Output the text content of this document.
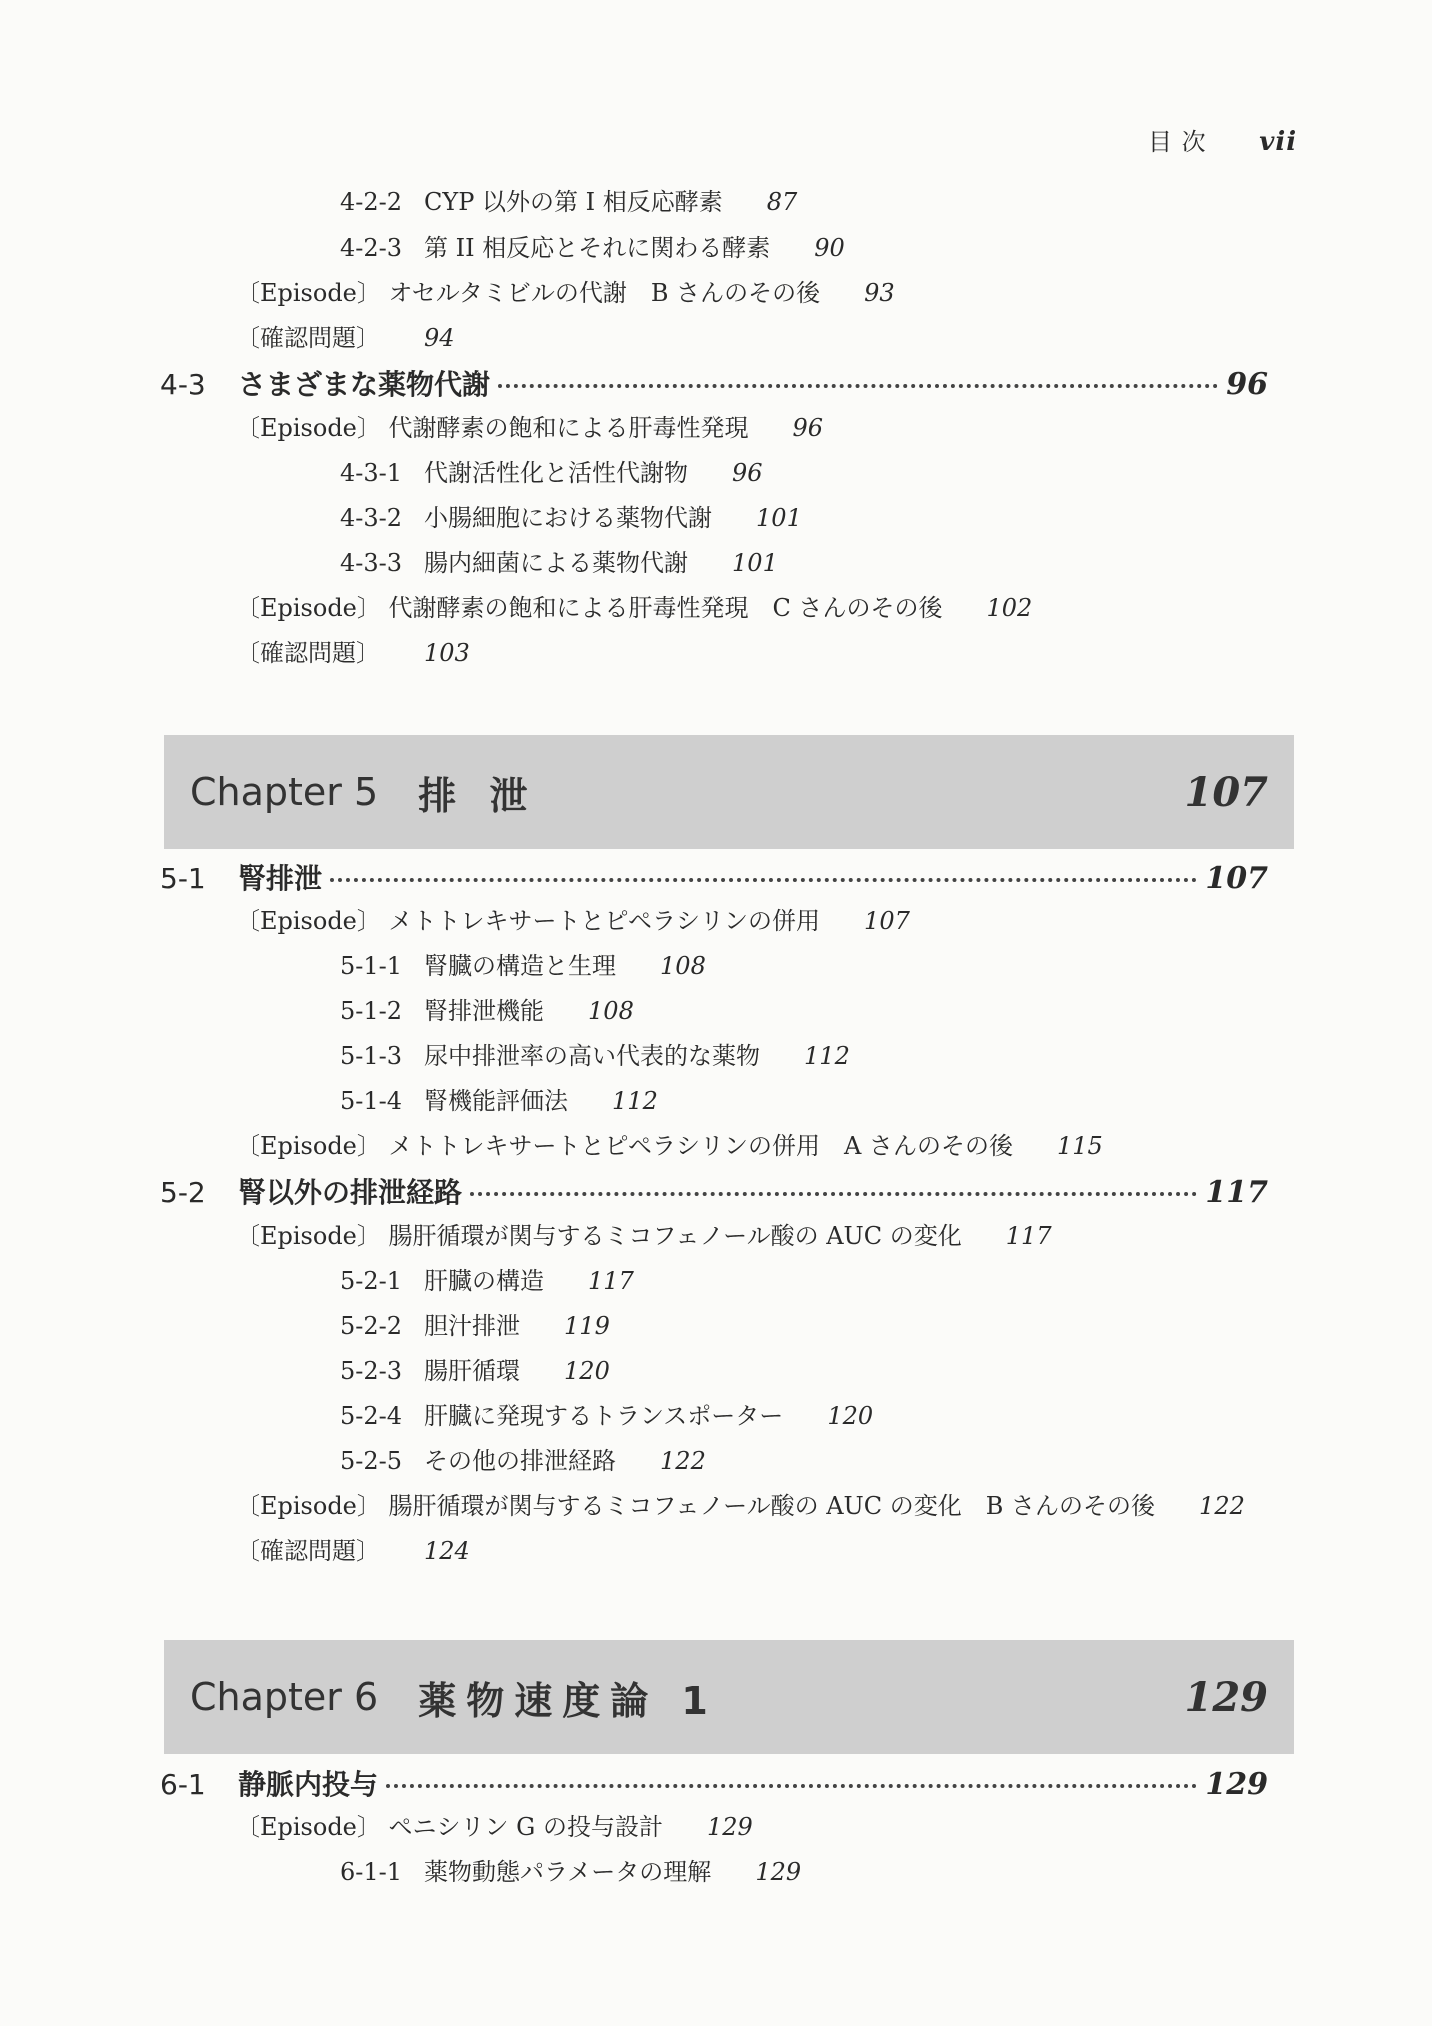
目 次 vii
4-2-2 CYP 以外の第 I 相反応酵素 87
4-2-3 第 II 相反応とそれに関わる酵素 90
〔Episode〕 オセルタミビルの代謝　B さんのその後 93
〔確認問題〕 94
4-3	さまざまな薬物代謝	96
〔Episode〕 代謝酵素の飽和による肝毒性発現 96
4-3-1 代謝活性化と活性代謝物 96
4-3-2 小腸細胞における薬物代謝 101
4-3-3 腸内細菌による薬物代謝 101
〔Episode〕 代謝酵素の飽和による肝毒性発現　C さんのその後 102
〔確認問題〕 103
Chapter 5 排 泄	107
5-1	腎排泄	107
〔Episode〕 メトトレキサートとピペラシリンの併用 107
5-1-1 腎臓の構造と生理 108
5-1-2 腎排泄機能 108
5-1-3 尿中排泄率の高い代表的な薬物 112
5-1-4 腎機能評価法 112
〔Episode〕 メトトレキサートとピペラシリンの併用　A さんのその後 115
5-2	腎以外の排泄経路	117
〔Episode〕 腸肝循環が関与するミコフェノール酸の AUC の変化 117
5-2-1 肝臓の構造 117
5-2-2 胆汁排泄 119
5-2-3 腸肝循環 120
5-2-4 肝臓に発現するトランスポーター 120
5-2-5 その他の排泄経路 122
〔Episode〕 腸肝循環が関与するミコフェノール酸の AUC の変化　B さんのその後 122
〔確認問題〕 124
Chapter 6 薬物速度論 1	129
6-1	静脈内投与	129
〔Episode〕 ペニシリン G の投与設計 129
6-1-1 薬物動態パラメータの理解 129
